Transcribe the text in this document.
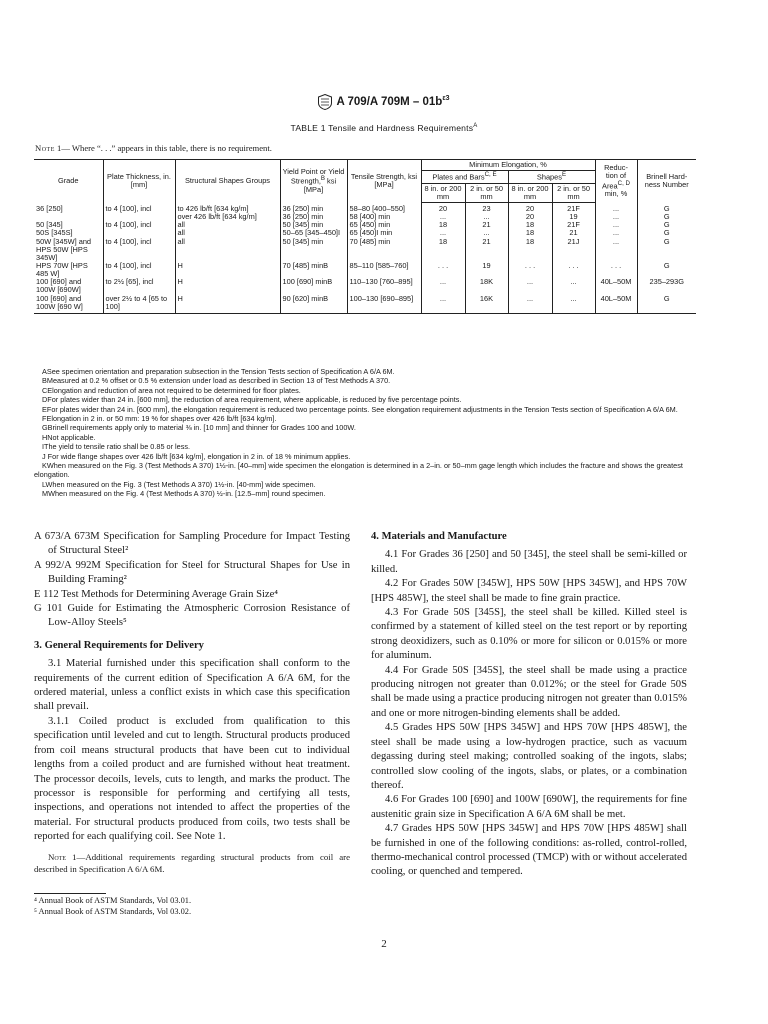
A 709/A $709M - 01b^{\varepsilon 3}$
TABLE 1 Tensile and Hardness Requirements$^A$
Note 1— Where “. . .” appears in this table, there is no requirement.
Grade	Plate Thickness, in. [mm]	Structural Shapes Groups	Yield Point or Yield Strength,$^B$ ksi [MPa]	Tensile Strength, ksi [MPa]	Minimum Elongation, %				Reduc- tion of Area$^{C, D}$ min, %	Brinell Hard- ness Number
					Plates and Bars$^{C, E}$		Shapes$^E$
					8 in. or 200 mm	2 in. or 50 mm	8 in. or 200 mm	2 in. or 50 mm		
36 [250]	to 4 [100], incl	to 426 lb/ft [634 kg/m]	36 [250] min	58–80 [400–550]	20	23	20	21F	...	G
		over 426 lb/ft [634 kg/m]	36 [250] min	58 [400] min	...	...	20	19	...	G
50 [345]	to 4 [100], incl	all	50 [345] min	65 [450] min	18	21	18	21F	...	G
50S [345S]		all	50–65 [345–450]I	65 [450]I min	...	...	18	21	...	G
50W [345W] and HPS 50W [HPS 345W]	to 4 [100], incl	all	50 [345] min	70 [485] min	18	21	18	21J	...	G
HPS 70W [HPS 485 W]	to 4 [100], incl	H	70 [485] minB	85–110 [585–760]	. . .	19	. . .	. . .	. . .	G
100 [690] and 100W [690W]	to 2½ [65], incl	H	100 [690] minB	110–130 [760–895]	...	18K	...	...	40L–50M	235–293G
100 [690] and 100W [690 W]	over 2½ to 4 [65 to 100]	H	90 [620] minB	100–130 [690–895]	...	16K	...	...	40L–50M	G
ASee specimen orientation and preparation subsection in the Tension Tests section of Specification A 6/A 6M.
BMeasured at 0.2 % offset or 0.5 % extension under load as described in Section 13 of Test Methods A 370.
CElongation and reduction of area not required to be determined for floor plates.
DFor plates wider than 24 in. [600 mm], the reduction of area requirement, where applicable, is reduced by five percentage points.
EFor plates wider than 24 in. [600 mm], the elongation requirement is reduced two percentage points. See elongation requirement adjustments in the Tension Tests section of Specification A 6/A 6M.
FElongation in 2 in. or 50 mm: 19 % for shapes over 426 lb/ft [634 kg/m].
GBrinell requirements apply only to material ⅜ in. [10 mm] and thinner for Grades 100 and 100W.
HNot applicable.
IThe yield to tensile ratio shall be 0.85 or less.
J For wide flange shapes over 426 lb/ft [634 kg/m], elongation in 2 in. of 18 % minimum applies.
KWhen measured on the Fig. 3 (Test Methods A 370) 1½-in. [40–mm] wide specimen the elongation is determined in a 2–in. or 50–mm gage length which includes the fracture and shows the greatest elongation.
LWhen measured on the Fig. 3 (Test Methods A 370) 1½-in. [40-mm] wide specimen.
MWhen measured on the Fig. 4 (Test Methods A 370) ½-in. [12.5–mm] round specimen.
A 673/A 673M Specification for Sampling Procedure for Impact Testing of Structural Steel²
A 992/A 992M Specification for Steel for Structural Shapes for Use in Building Framing²
E 112 Test Methods for Determining Average Grain Size⁴
G 101 Guide for Estimating the Atmospheric Corrosion Resistance of Low-Alloy Steels⁵
3. General Requirements for Delivery

3.1 Material furnished under this specification shall conform to the requirements of the current edition of Specification A 6/A 6M, for the ordered material, unless a conflict exists in which case this specification shall prevail.

3.1.1 Coiled product is excluded from qualification to this specification until leveled and cut to length. Structural products produced from coil means structural products that have been cut to individual lengths from a coiled product and are furnished without heat treatment. The processor decoils, levels, cuts to length, and marks the product. The processor is responsible for performing and certifying all tests, inspections, and operations not intended to affect the properties of the material. For structural products produced from coils, two tests shall be reported for each qualifying coil. See Note 1.

Note 1—Additional requirements regarding structural products from coil are described in Specification A 6/A 6M.
⁴ Annual Book of ASTM Standards, Vol 03.01.
⁵ Annual Book of ASTM Standards, Vol 03.02.
4. Materials and Manufacture

4.1 For Grades 36 [250] and 50 [345], the steel shall be semi-killed or killed.

4.2 For Grades 50W [345W], HPS 50W [HPS 345W], and HPS 70W [HPS 485W], the steel shall be made to fine grain practice.

4.3 For Grade 50S [345S], the steel shall be killed. Killed steel is confirmed by a statement of killed steel on the test report or by reporting strong deoxidizers, such as 0.10% or more for silicon or 0.015% or more for aluminum.

4.4 For Grade 50S [345S], the steel shall be made using a practice producing nitrogen not greater than 0.012%; or the steel for Grade 50S shall be made using a practice producing nitrogen not greater than 0.015% and one or more nitrogen-binding elements shall be added.

4.5 Grades HPS 50W [HPS 345W] and HPS 70W [HPS 485W], the steel shall be made using a low-hydrogen practice, such as vacuum degassing during steel making; controlled soaking of the ingots, slabs; controlled slow cooling of the ingots, slabs, or plates, or a combination thereof.

4.6 For Grades 100 [690] and 100W [690W], the requirements for fine austenitic grain size in Specification A 6/A 6M shall be met.

4.7 Grades HPS 50W [HPS 345W] and HPS 70W [HPS 485W] shall be furnished in one of the following conditions: as-rolled, control-rolled, thermo-mechanical control processed (TMCP) with or without accelerated cooling, or quenched and tempered.

2
